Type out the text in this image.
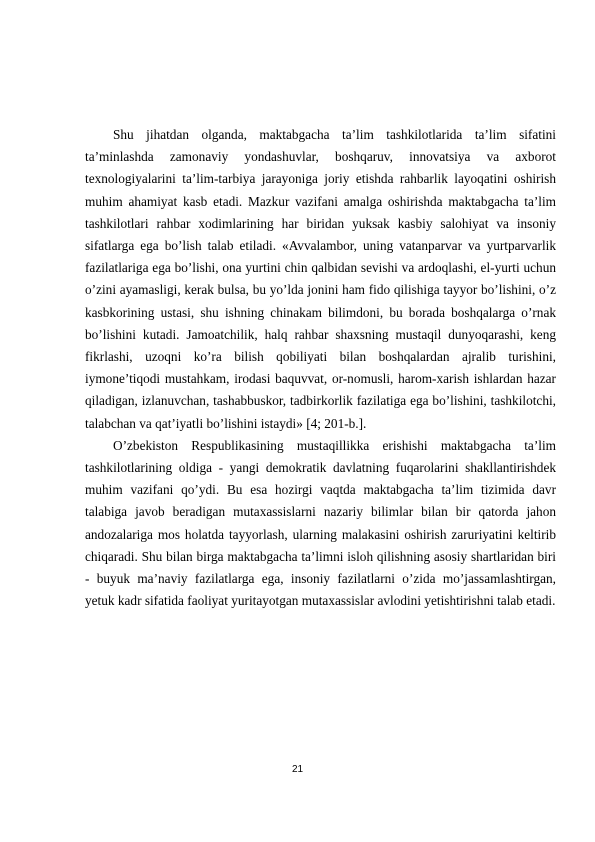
Shu jihatdan olganda, maktabgacha ta’lim tashkilotlarida ta’lim sifatini ta’minlashda zamonaviy yondashuvlar, boshqaruv, innovatsiya va axborot texnologiyalarini ta’lim-tarbiya jarayoniga joriy etishda rahbarlik layoqatini oshirish muhim ahamiyat kasb etadi. Mazkur vazifani amalga oshirishda maktabgacha ta’lim tashkilotlari rahbar xodimlarining har biridan yuksak kasbiy salohiyat va insoniy sifatlarga ega bo’lish talab etiladi. «Avvalambor, uning vatanparvar va yurtparvarlik fazilatlariga ega bo’lishi, ona yurtini chin qalbidan sevishi va ardoqlashi, el-yurti uchun o’zini ayamasligi, kerak bulsa, bu yo’lda jonini ham fido qilishiga tayyor bo’lishini, o’z kasbkorining ustasi, shu ishning chinakam bilimdoni, bu borada boshqalarga o’rnak bo’lishini kutadi. Jamoatchilik, halq rahbar shaxsning mustaqil dunyoqarashi, keng fikrlashi, uzoqni ko’ra bilish qobiliyati bilan boshqalardan ajralib turishini, iymone’tiqodi mustahkam, irodasi baquvvat, or-nomusli, harom-xarish ishlardan hazar qiladigan, izlanuvchan, tashabbuskor, tadbirkorlik fazilatiga ega bo’lishini, tashkilotchi, talabchan va qat’iyatli bo’lishini istaydi» [4; 201-b.].

O’zbekiston Respublikasining mustaqillikka erishishi maktabgacha ta’lim tashkilotlarining oldiga - yangi demokratik davlatning fuqarolarini shakllantirishdek muhim vazifani qo’ydi. Bu esa hozirgi vaqtda maktabgacha ta’lim tizimida davr talabiga javob beradigan mutaxassislarni nazariy bilimlar bilan bir qatorda jahon andozalariga mos holatda tayyorlash, ularning malakasini oshirish zaruriyatini keltirib chiqaradi. Shu bilan birga maktabgacha ta’limni isloh qilishning asosiy shartlaridan biri - buyuk ma’naviy fazilatlarga ega, insoniy fazilatlarni o’zida mo’jassamlashtirgan, yetuk kadr sifatida faoliyat yuritayotgan mutaxassislar avlodini yetishtirishni talab etadi.

21
